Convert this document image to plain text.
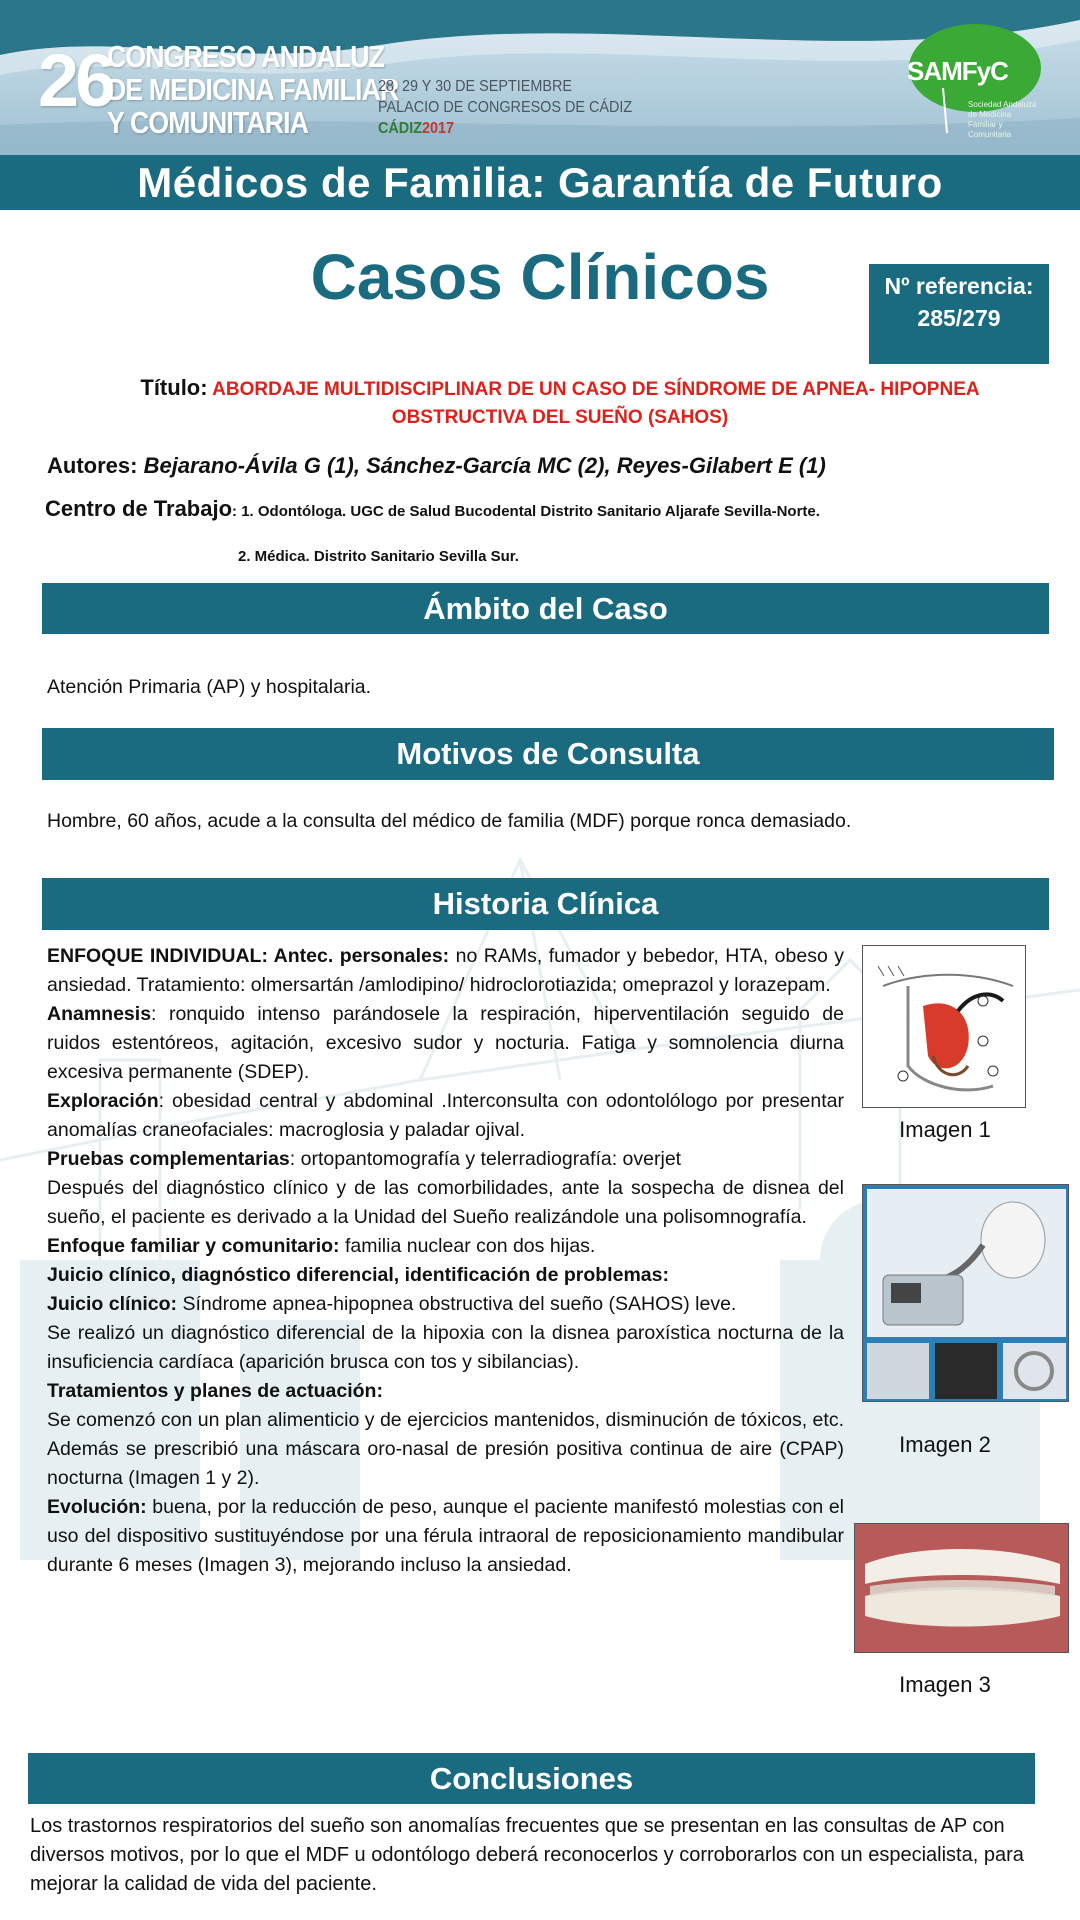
26
CONGRESO ANDALUZ
DE MEDICINA FAMILIAR
Y COMUNITARIA
28, 29 Y 30 DE SEPTIEMBRE
PALACIO DE CONGRESOS DE CÁDIZ
CÁDIZ2017
SAMFyC
Sociedad Andaluza de Medicina Familiar y Comunitaria
Médicos de Familia: Garantía de Futuro
Casos Clínicos	Nº referencia:
285/279
Título: ABORDAJE MULTIDISCIPLINAR DE UN CASO DE SÍNDROME DE APNEA- HIPOPNEA OBSTRUCTIVA DEL SUEÑO (SAHOS)
Autores: Bejarano-Ávila G (1), Sánchez-García MC (2), Reyes-Gilabert E (1)
Centro de Trabajo: 1. Odontóloga. UGC de Salud Bucodental Distrito Sanitario Aljarafe Sevilla-Norte.
2. Médica. Distrito Sanitario Sevilla Sur.
Ámbito del Caso
Atención Primaria (AP) y hospitalaria.
Motivos de Consulta
Hombre, 60 años, acude a la consulta del médico de familia (MDF) porque ronca demasiado.
Historia Clínica

ENFOQUE INDIVIDUAL: Antec. personales: no RAMs, fumador y bebedor, HTA, obeso y ansiedad. Tratamiento: olmersartán /amlodipino/ hidroclorotiazida; omeprazol y lorazepam.

Anamnesis: ronquido intenso parándosele la respiración, hiperventilación seguido de ruidos estentóreos, agitación, excesivo sudor y nocturia. Fatiga y somnolencia diurna excesiva permanente (SDEP).

Exploración: obesidad central y abdominal .Interconsulta con odontolólogo por presentar anomalías craneofaciales: macroglosia y paladar ojival.

Pruebas complementarias: ortopantomografía y telerradiografía: overjet

Después del diagnóstico clínico y de las comorbilidades, ante la sospecha de disnea del sueño, el paciente es derivado a la Unidad del Sueño realizándole una polisomnografía.

Enfoque familiar y comunitario: familia nuclear con dos hijas.

Juicio clínico, diagnóstico diferencial, identificación de problemas:

Juicio clínico: Síndrome apnea-hipopnea obstructiva del sueño (SAHOS) leve.

Se realizó un diagnóstico diferencial de la hipoxia con la disnea paroxística nocturna de la insuficiencia cardíaca (aparición brusca con tos y sibilancias).

Tratamientos y planes de actuación:

Se comenzó con un plan alimenticio y de ejercicios mantenidos, disminución de tóxicos, etc. Además se prescribió una máscara oro-nasal de presión positiva continua de aire (CPAP) nocturna (Imagen 1 y 2).

Evolución: buena, por la reducción de peso, aunque el paciente manifestó molestias con el uso del dispositivo sustituyéndose por una férula intraoral de reposicionamiento mandibular durante 6 meses (Imagen 3), mejorando incluso la ansiedad.

Imagen 1
Imagen 2
Imagen 3
Conclusiones
Los trastornos respiratorios del sueño son anomalías frecuentes que se presentan en las consultas de AP con diversos motivos, por lo que el MDF u odontólogo deberá reconocerlos y corroborarlos con un especialista, para mejorar la calidad de vida del paciente.
